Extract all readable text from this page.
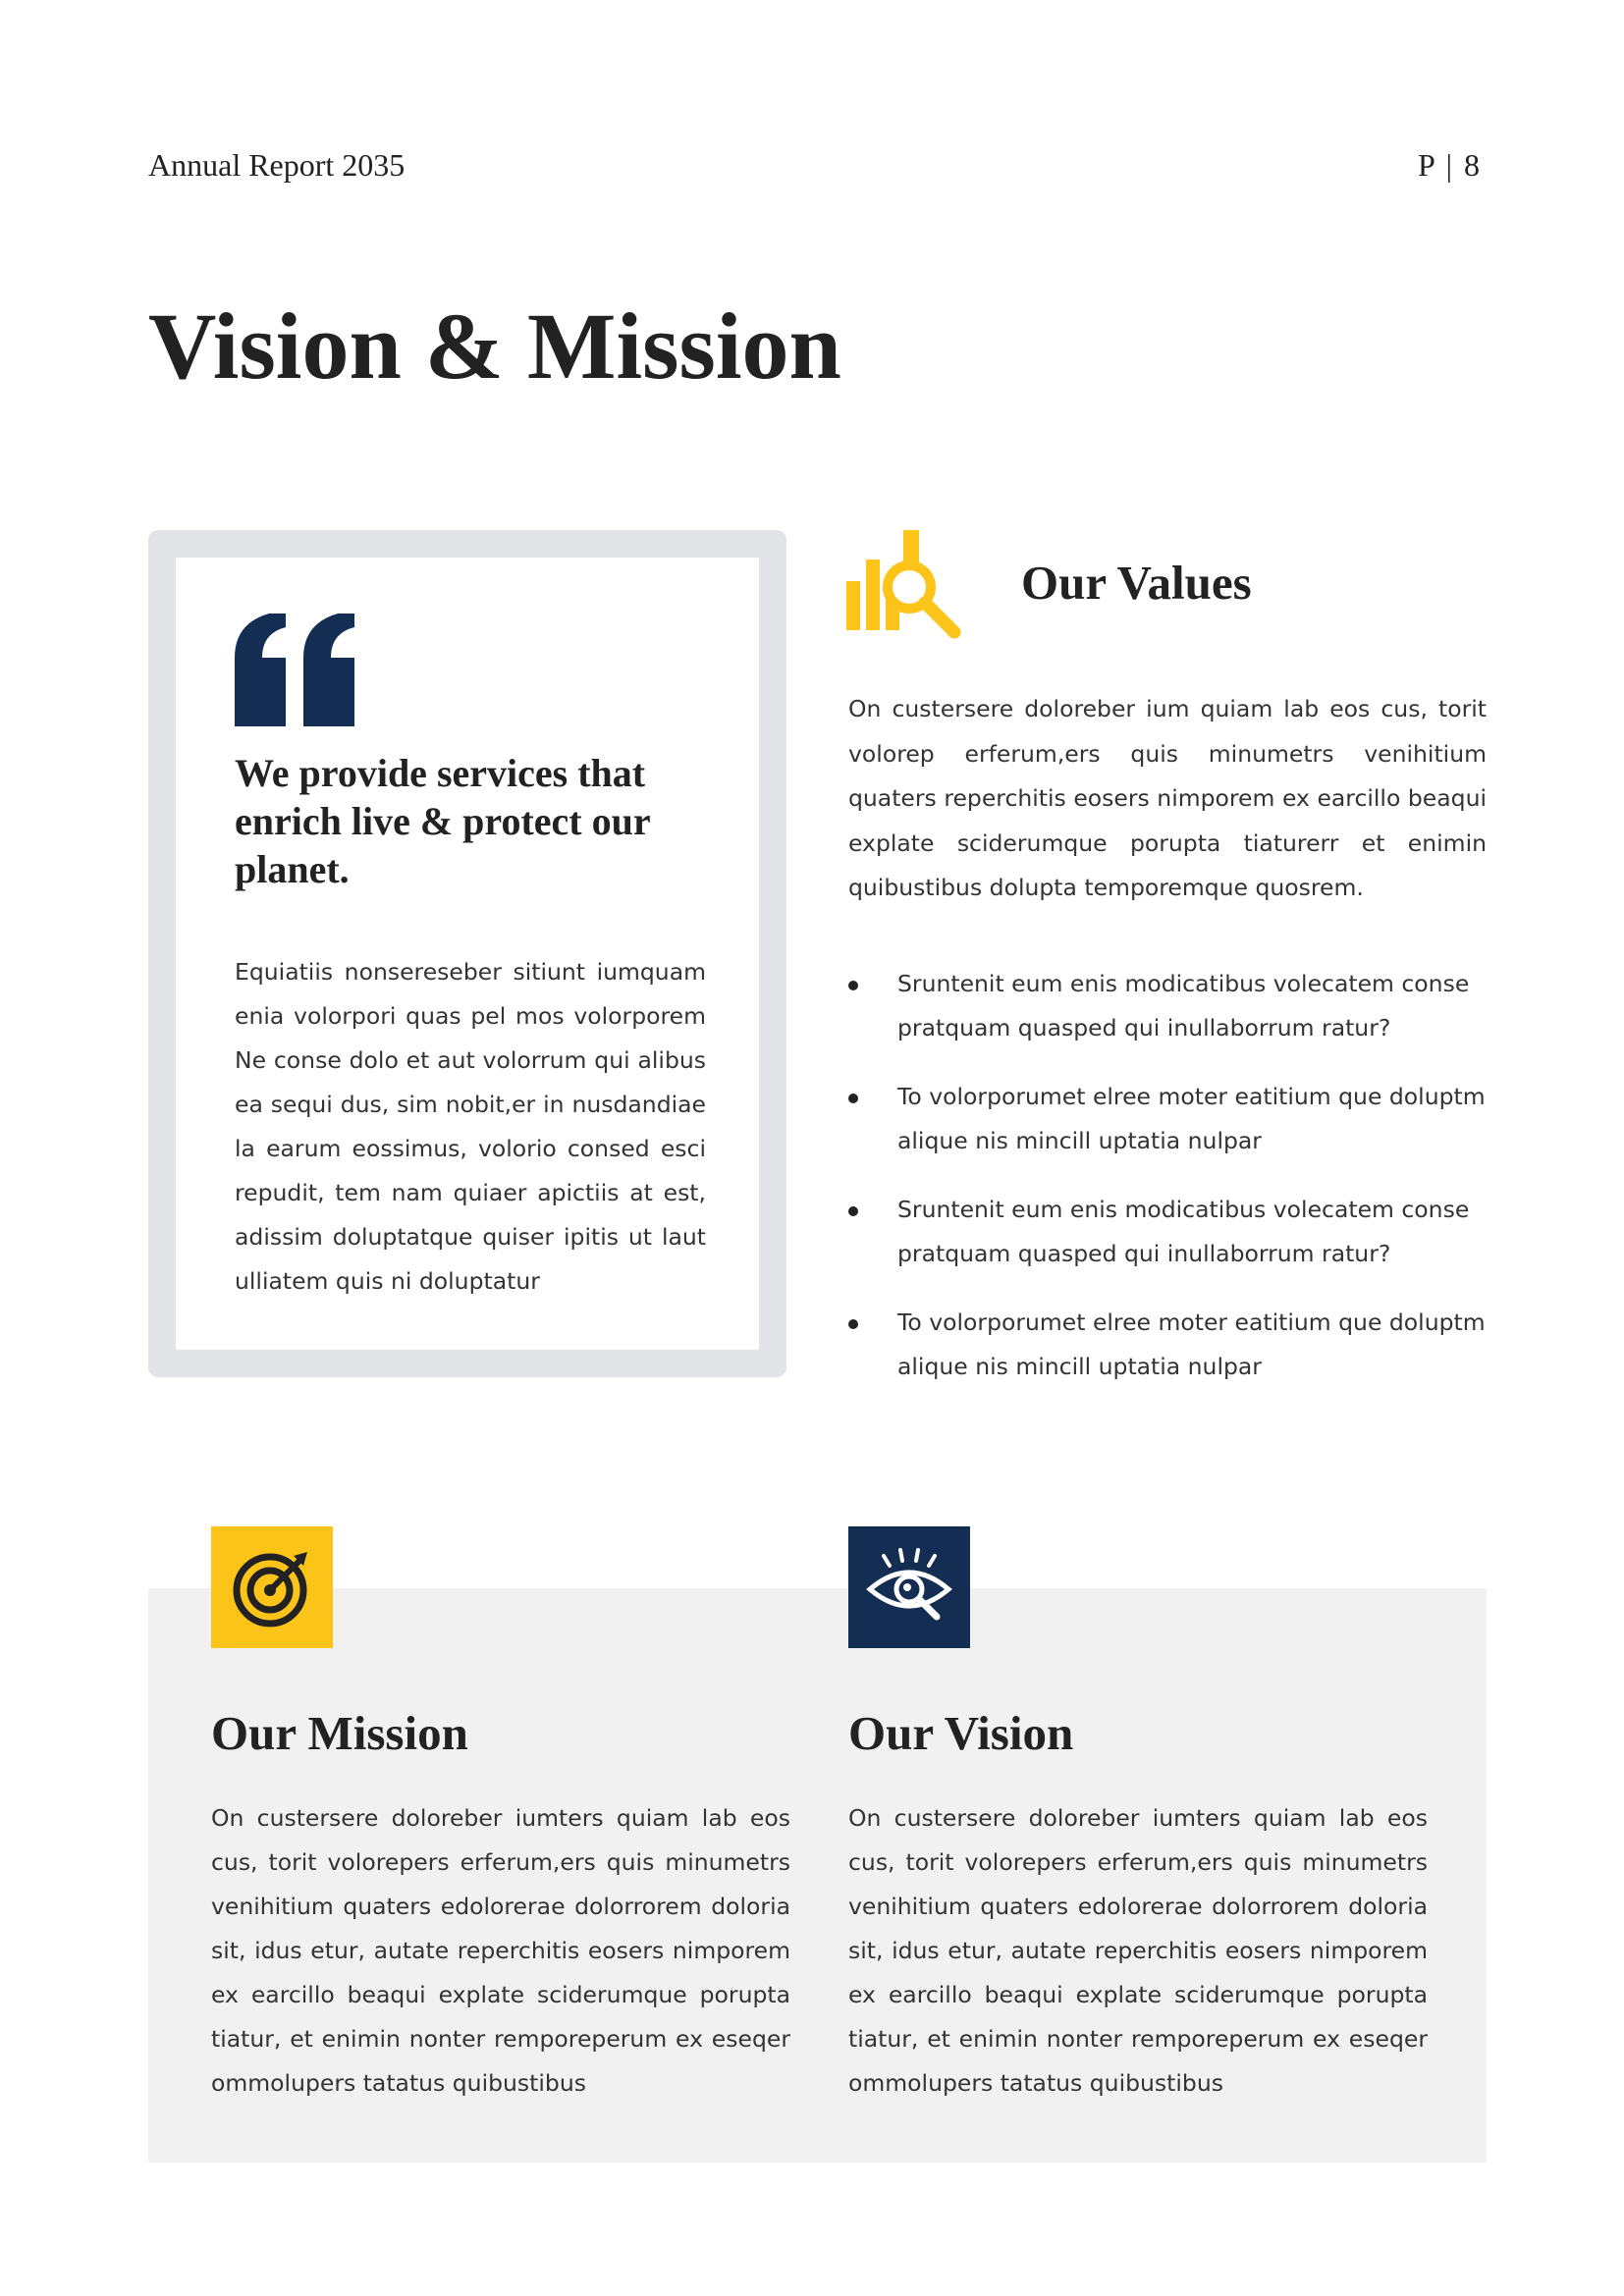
Annual Report 2035	P | 8
Vision & Mission
We provide services that enrich live & protect our planet.
Equiatiis nonsereseber sitiunt iumquam enia volorpori quas pel mos volorporem Ne conse dolo et aut volorrum qui alibus ea sequi dus, sim nobit,er in nusdandiae la earum eossimus, volorio consed esci repudit, tem nam quiaer apictiis at est, adissim doluptatque quiser ipitis ut laut ulliatem quis ni doluptatur
Our Values
On custersere doloreber ium quiam lab eos cus, torit volorep erferum,ers quis minumetrs venihitium quaters reperchitis eosers nimporem ex earcillo beaqui explate sciderumque porupta tiaturerr et enimin quibustibus dolupta temporemque quosrem.
Sruntenit eum enis modicatibus volecatem conse pratquam quasped qui inullaborrum ratur?
To volorporumet elree moter eatitium que doluptm alique nis mincill uptatia nulpar
Sruntenit eum enis modicatibus volecatem conse pratquam quasped qui inullaborrum ratur?
To volorporumet elree moter eatitium que doluptm alique nis mincill uptatia nulpar
Our Mission
On custersere doloreber iumters quiam lab eos cus, torit volorepers erferum,ers quis minumetrs venihitium quaters edolorerae dolorrorem doloria sit, idus etur, autate reperchitis eosers nimporem ex earcillo beaqui explate sciderumque porupta tiatur, et enimin nonter remporeperum ex eseqer ommolupers tatatus quibustibus
Our Vision
On custersere doloreber iumters quiam lab eos cus, torit volorepers erferum,ers quis minumetrs venihitium quaters edolorerae dolorrorem doloria sit, idus etur, autate reperchitis eosers nimporem ex earcillo beaqui explate sciderumque porupta tiatur, et enimin nonter remporeperum ex eseqer ommolupers tatatus quibustibus
